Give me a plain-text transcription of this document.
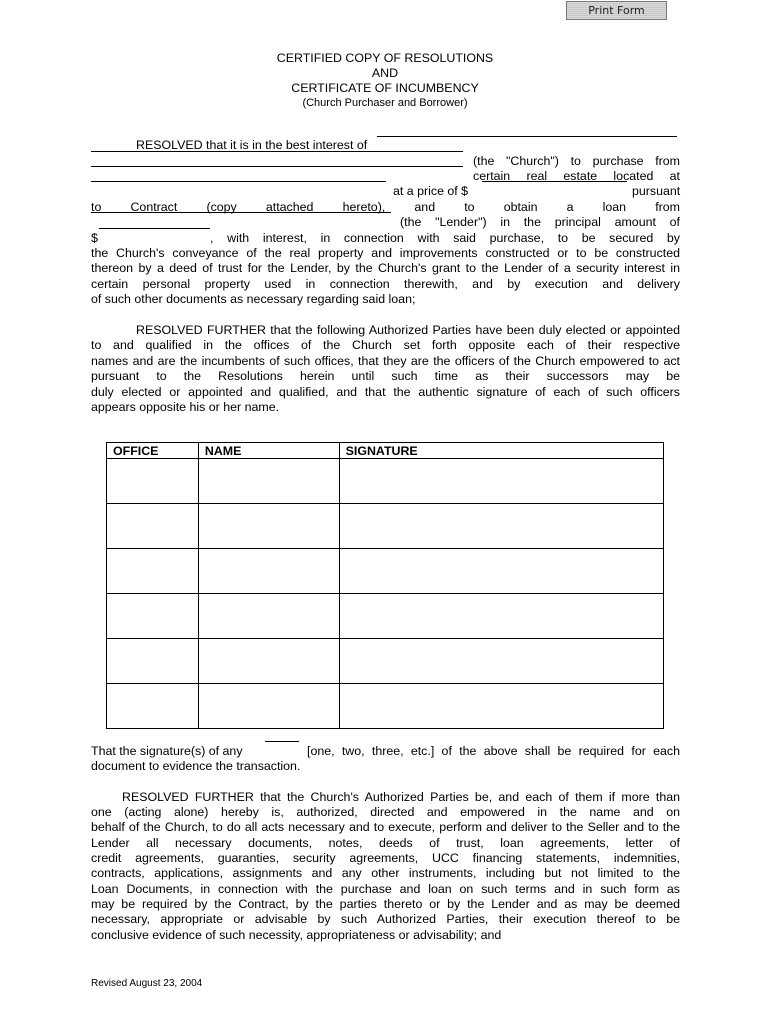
Print Form
CERTIFIED COPY OF RESOLUTIONS
AND
CERTIFICATE OF INCUMBENCY
(Church Purchaser and Borrower)
RESOLVED that it is in the best interest of
(the "Church") to purchase from
certain real estate located at
at a price of $	pursuant
to Contract (copy attached hereto), and to obtain a loan from
(the "Lender") in the principal amount of
$	, with interest, in connection with said purchase, to be secured by
the Church's conveyance of the real property and improvements constructed or to be constructed
thereon by a deed of trust for the Lender, by the Church's grant to the Lender of a security interest in
certain personal property used in connection therewith, and by execution and delivery
of such other documents as necessary regarding said loan;
RESOLVED FURTHER that the following Authorized Parties have been duly elected or appointed
to and qualified in the offices of the Church set forth opposite each of their respective
names and are the incumbents of such offices, that they are the officers of the Church empowered to act
pursuant to the Resolutions herein until such time as their successors may be
duly elected or appointed and qualified, and that the authentic signature of each of such officers
appears opposite his or her name.
OFFICE	NAME	SIGNATURE

That the signature(s) of any	[one, two, three, etc.] of the above shall be required for each
document to evidence the transaction.
RESOLVED FURTHER that the Church's Authorized Parties be, and each of them if more than
one (acting alone) hereby is, authorized, directed and empowered in the name and on
behalf of the Church, to do all acts necessary and to execute, perform and deliver to the Seller and to the
Lender all necessary documents, notes, deeds of trust, loan agreements, letter of
credit agreements, guaranties, security agreements, UCC financing statements, indemnities,
contracts, applications, assignments and any other instruments, including but not limited to the
Loan Documents, in connection with the purchase and loan on such terms and in such form as
may be required by the Contract, by the parties thereto or by the Lender and as may be deemed
necessary, appropriate or advisable by such Authorized Parties, their execution thereof to be
conclusive evidence of such necessity, appropriateness or advisability; and
Revised August 23, 2004
